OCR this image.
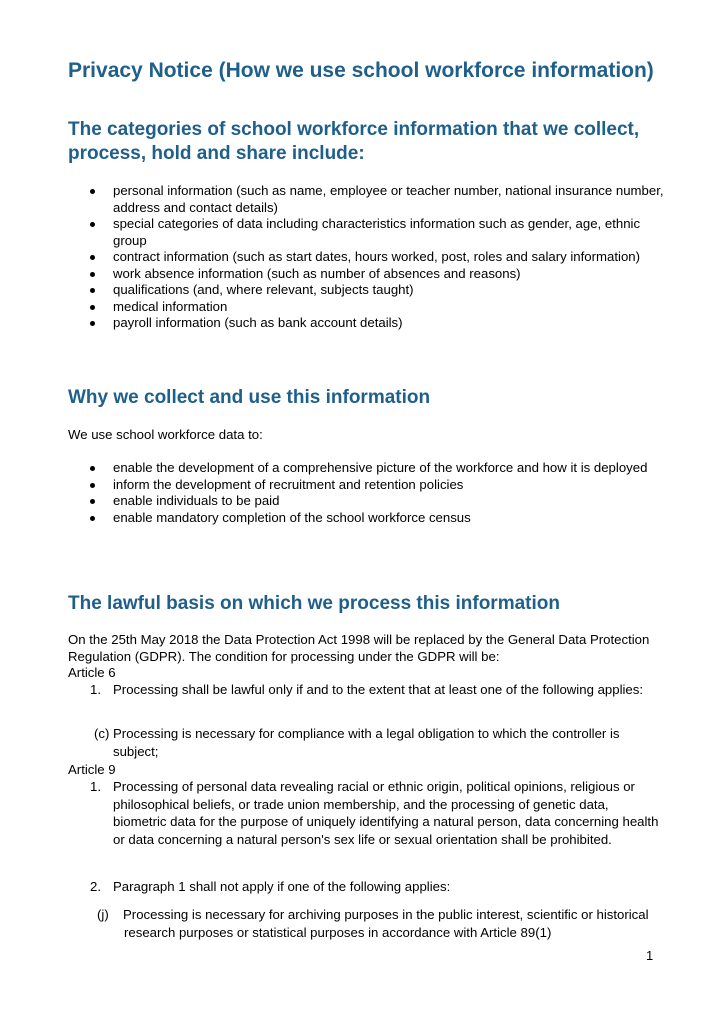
Privacy Notice (How we use school workforce information)
The categories of school workforce information that we collect, process, hold and share include:
personal information (such as name, employee or teacher number, national insurance number, address and contact details)
special categories of data including characteristics information such as gender, age, ethnic group
contract information (such as start dates, hours worked, post, roles and salary information)
work absence information (such as number of absences and reasons)
qualifications (and, where relevant, subjects taught)
medical information
payroll information (such as bank account details)
Why we collect and use this information

We use school workforce data to:

enable the development of a comprehensive picture of the workforce and how it is deployed
inform the development of recruitment and retention policies
enable individuals to be paid
enable mandatory completion of the school workforce census
The lawful basis on which we process this information

On the 25th May 2018 the Data Protection Act 1998 will be replaced by the General Data Protection Regulation (GDPR). The condition for processing under the GDPR will be:

Article 6

1. Processing shall be lawful only if and to the extent that at least one of the following applies:
(c) Processing is necessary for compliance with a legal obligation to which the controller is subject;

Article 9

1. Processing of personal data revealing racial or ethnic origin, political opinions, religious or philosophical beliefs, or trade union membership, and the processing of genetic data, biometric data for the purpose of uniquely identifying a natural person, data concerning health or data concerning a natural person's sex life or sexual orientation shall be prohibited.
2. Paragraph 1 shall not apply if one of the following applies:
(j) Processing is necessary for archiving purposes in the public interest, scientific or historical research purposes or statistical purposes in accordance with Article 89(1)
1
